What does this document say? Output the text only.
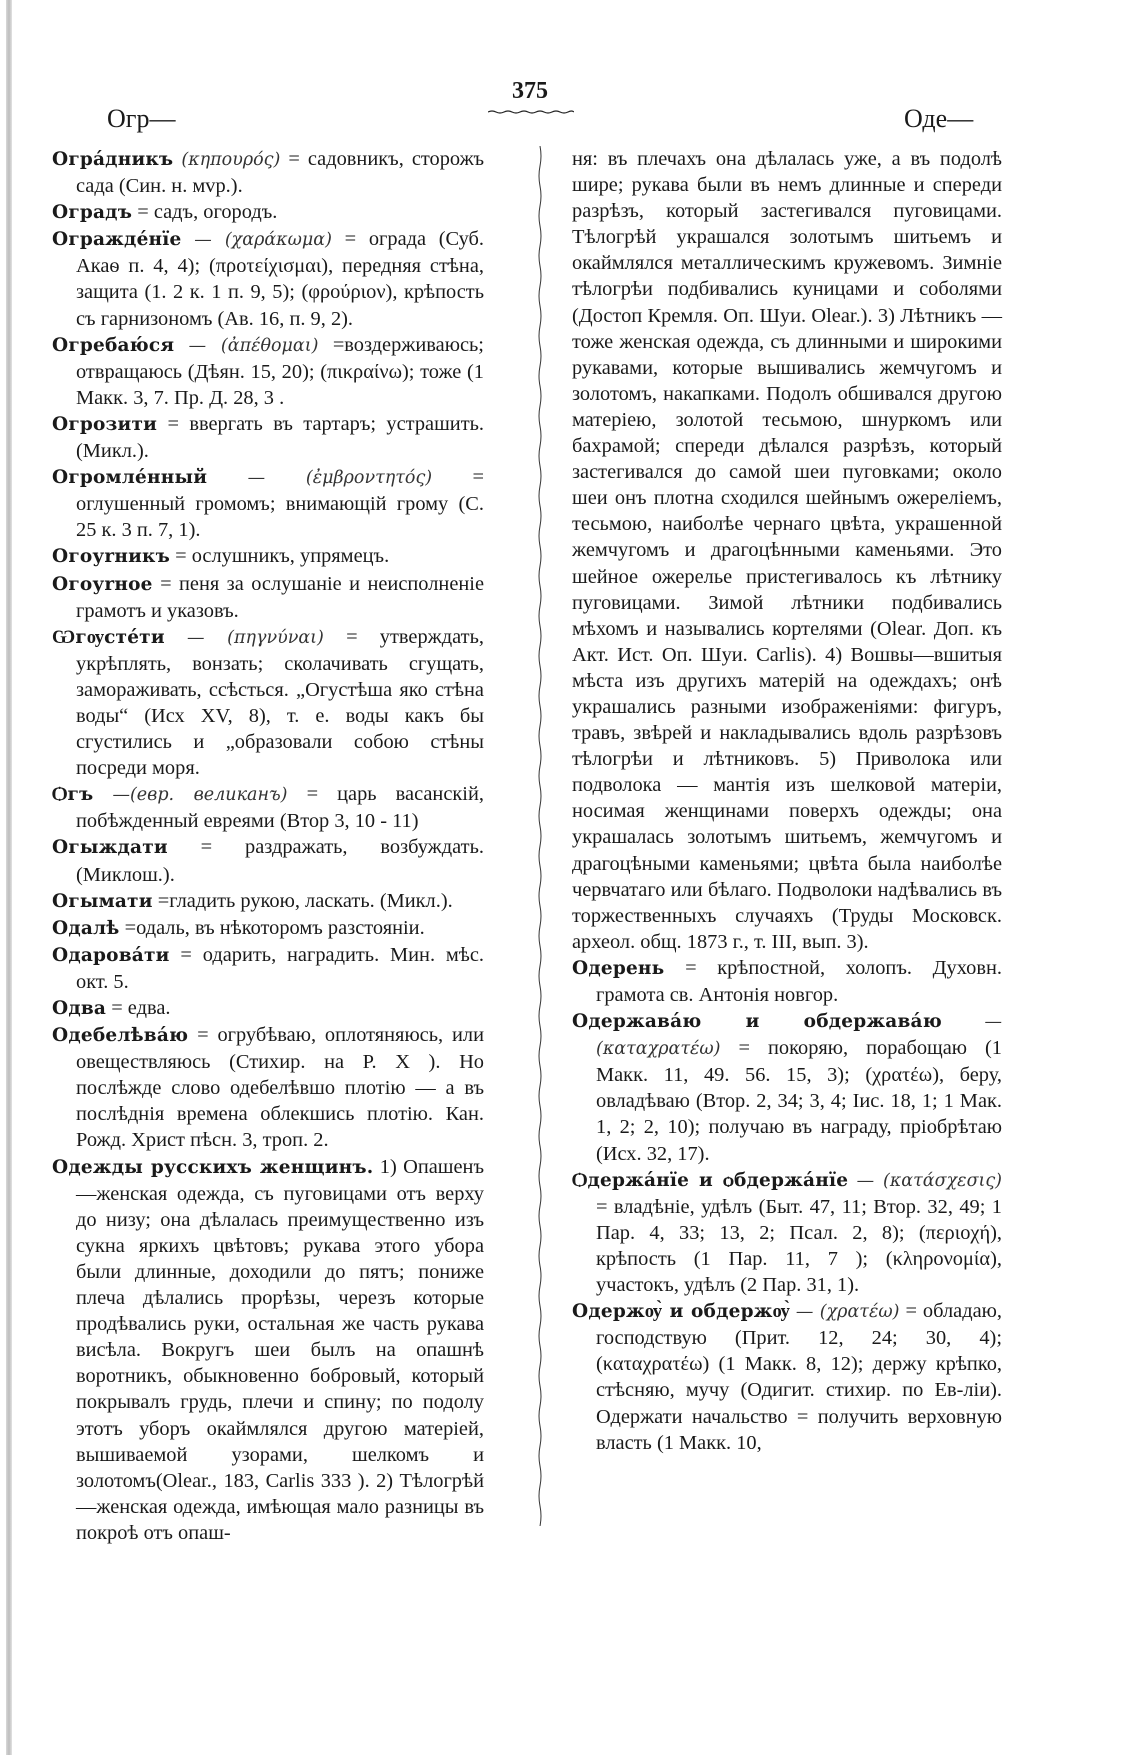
375
Огр—	Оде—

Огра́дникъ (κηπουρός) = садовникъ, сторожъ сада (Син. н. мvр.).

Оградъ = садъ, огородъ.

Огражде́нїе — (χαράκωμα) = ограда (Суб. Акаѳ п. 4, 4); (προτείχισμαι), передняя стѣна, защита (1. 2 к. 1 п. 9, 5); (φρούριον), крѣпость съ гарнизономъ (Ав. 16, п. 9, 2).

Огребаю́ся — (ἀπέθομαι) =воздерживаюсь; отвращаюсь (Дѣян. 15, 20); (πικραίνω); тоже (1 Макк. 3, 7. Пр. Д. 28, 3 .

Огрозити = ввергать въ тартаръ; устрашить. (Микл.).

Огромле́нный — (ἐμβροντητός) = оглушенный громомъ; внимающій грому (С. 25 к. 3 п. 7, 1).

Огоуrникъ = ослушникъ, упрямецъ.

Огоуrное = пеня за ослушаніе и неисполненіе грамотъ и указовъ.

Ѡгѹсте́ти — (πηγνύναι) = утверждать, укрѣплять, вонзать; сколачивать сгущать, замораживать, ссѣсться. „Огустѣша яко стѣна воды“ (Исх XV, 8), т. е. воды какъ бы сгустились и „образовали собою стѣны посреди моря.

Ѻгъ —(евр. великанъ) = царь васанскій, побѣжденный евреями (Втор 3, 10 - 11)

Огыждати = раздражать, возбуждать. (Миклош.).

Огымати =гладить рукою, ласкать. (Микл.).

Одалѣ =одаль, въ нѣкоторомъ разстояніи.

Одарова́ти = одарить, наградить. Мин. мѣс. окт. 5.

Одва = едва.

Одебелѣва́ю = огрубѣваю, оплотяняюсь, или овеществляюсь (Стихир. на Р. Х ). Но послѣжде слово одебелѣвшо плотію — а въ послѣднія времена облекшись плотію. Кан. Рожд. Христ пѣсн. 3, троп. 2.

Одежды русскихъ женщинъ. 1) Опашенъ—женская одежда, съ пуговицами отъ верху до низу; она дѣлалась преимущественно изъ сукна яркихъ цвѣтовъ; рукава этого убора были длинные, доходили до пятъ; пониже плеча дѣлались прорѣзы, черезъ которые продѣвались руки, остальная же часть рукава висѣла. Вокругъ шеи былъ на опашнѣ воротникъ, обыкновенно бобровый, который покрывалъ грудь, плечи и спину; по подолу этотъ уборъ окаймлялся другою матеріей, вышиваемой узорами, шелкомъ и золотомъ(Olear., 183, Carlis 333 ). 2) Тѣлогрѣй—женская одежда, имѣющая мало разницы въ покроѣ отъ опаш-

ня: въ плечахъ она дѣлалась уже, а въ подолѣ шире; рукава были въ немъ длинные и спереди разрѣзъ, который застегивался пуговицами. Тѣлогрѣй украшался золотымъ шитьемъ и окаймлялся металлическимъ кружевомъ. Зимніе тѣлогрѣи подбивались куницами и соболями (Достоп Кремля. Оп. Шуи. Olear.). 3) Лѣтникъ — тоже женская одежда, съ длинными и широкими рукавами, которые вышивались жемчугомъ и золотомъ, накапками. Подолъ обшивался другою матеріею, золотой тесьмою, шнуркомъ или бахрамой; спереди дѣлался разрѣзъ, который застегивался до самой шеи пуговками; около шеи онъ плотна сходился шейнымъ ожереліемъ, тесьмою, наиболѣе чернаго цвѣта, украшенной жемчугомъ и драгоцѣнными каменьями. Это шейное ожерелье пристегивалось къ лѣтнику пуговицами. Зимой лѣтники подбивались мѣхомъ и назывались кортелями (Olear. Доп. къ Акт. Ист. Оп. Шуи. Carlis). 4) Вошвы—вшитыя мѣста изъ другихъ матерій на одеждахъ; онѣ украшались разными изображеніями: фигуръ, травъ, звѣрей и накладывались вдоль разрѣзовъ тѣлогрѣи и лѣтниковъ. 5) Приволока или подволока — мантія изъ шелковой матеріи, носимая женщинами поверхъ одежды; она украшалась золотымъ шитьемъ, жемчугомъ и драгоцѣными каменьями; цвѣта была наиболѣе червчатаго или бѣлаго. Подволоки надѣвались въ торжественныхъ случаяхъ (Труды Московск. археол. общ. 1873 г., т. III, вып. 3).

Одерень = крѣпостной, холопъ. Духовн. грамота св. Антонія новгор.

Одержава́ю и обдержава́ю —(καταχρατέω) = покоряю, порабощаю (1 Макк. 11, 49. 56. 15, 3); (χρατέω), беру, овладѣваю (Втор. 2, 34; 3, 4; Іис. 18, 1; 1 Мак. 1, 2; 2, 10); получаю въ награду, пріобрѣтаю (Исх. 32, 17).

Ѻдержа́нїе и ѻбдержа́нїе — (κατάσχεσις) = владѣніе, удѣлъ (Быт. 47, 11; Втор. 32, 49; 1 Пар. 4, 33; 13, 2; Псал. 2, 8); (περιοχή), крѣпость (1 Пар. 11, 7 ); (κληρονομία), участокъ, удѣлъ (2 Пар. 31, 1).

Одержѹ̀ и обдержѹ̀ — (χρατέω) = обладаю, господствую (Прит. 12, 24; 30, 4); (καταχρατέω) (1 Макк. 8, 12); держу крѣпко, стѣсняю, мучу (Одигит. стихир. по Ев-ліи). Одержати начальство = получить верховную власть (1 Макк. 10,
